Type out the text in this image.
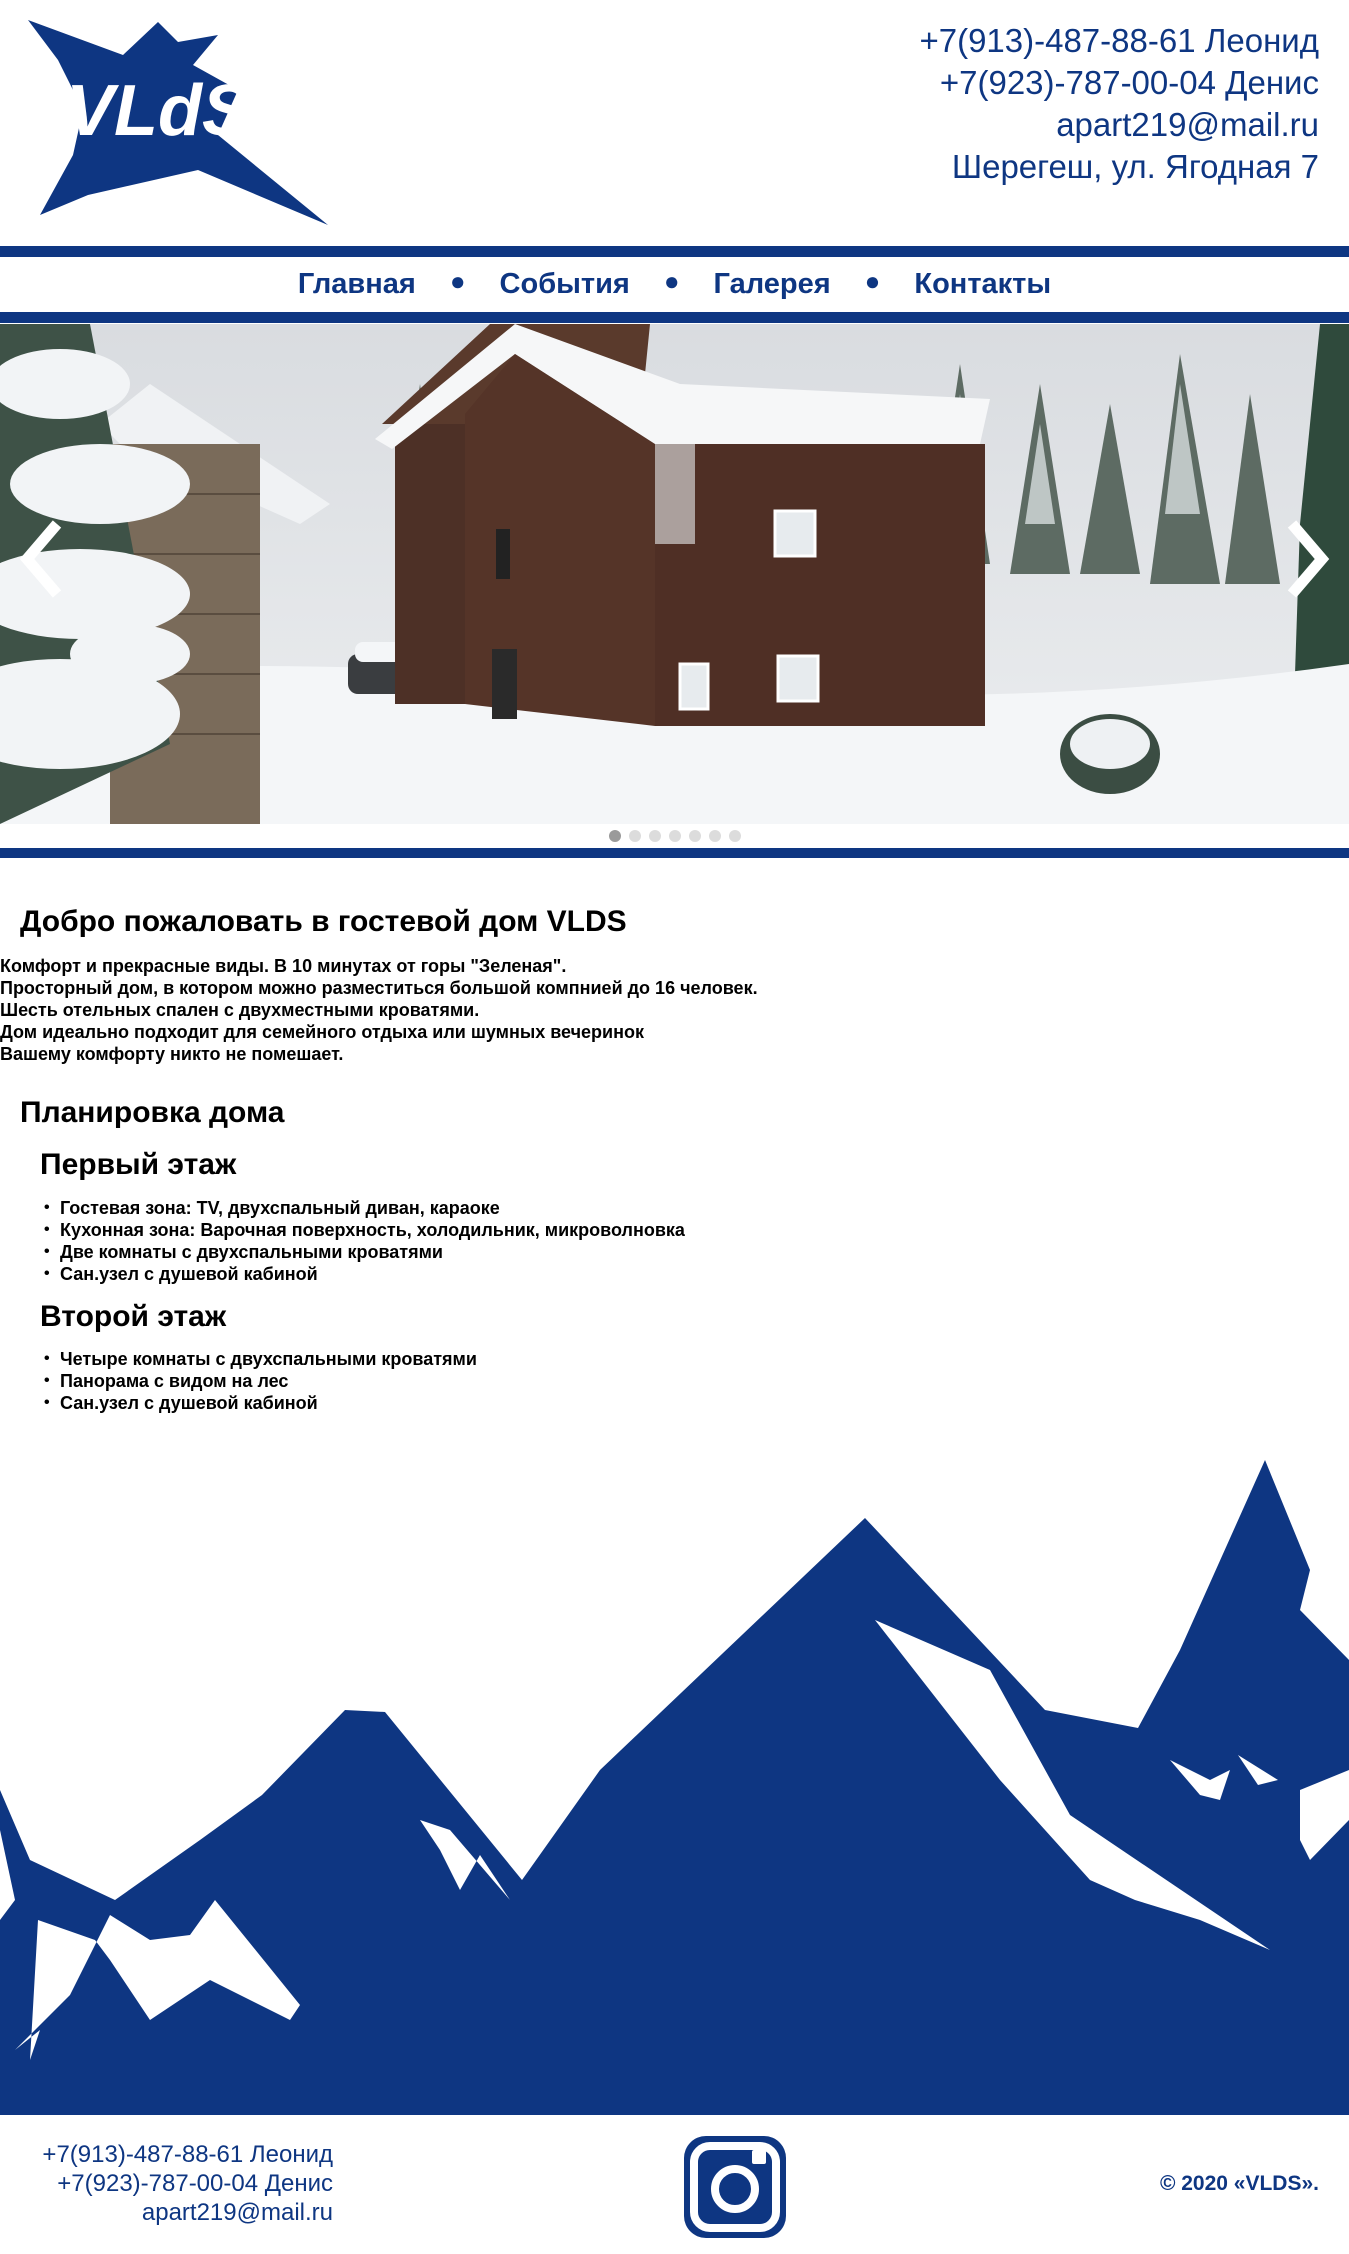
VLdS
+7(913)-487-88-61 Леонид
+7(923)-787-00-04 Денис
apart219@mail.ru
Шерегеш, ул. Ягодная 7
Главная ● События ● Галерея ● Контакты
Добро пожаловать в гостевой дом VLDS
Комфорт и прекрасные виды. В 10 минутах от горы "Зеленая".
Просторный дом, в котором можно разместиться большой компнией до 16 человек.
Шесть отельных спален с двухместными кроватями.
Дом идеально подходит для семейного отдыха или шумных вечеринок
Вашему комфорту никто не помешает.
Планировка дома
Первый этаж
• Гостевая зона: TV, двухспальный диван, караоке
• Кухонная зона: Варочная поверхность, холодильник, микроволновка
• Две комнаты с двухспальными кроватями
• Сан.узел с душевой кабиной
Второй этаж
• Четыре комнаты с двухспальными кроватями
• Панорама с видом на лес
• Сан.узел с душевой кабиной
+7(913)-487-88-61 Леонид
+7(923)-787-00-04 Денис
apart219@mail.ru
© 2020 «VLDS».
